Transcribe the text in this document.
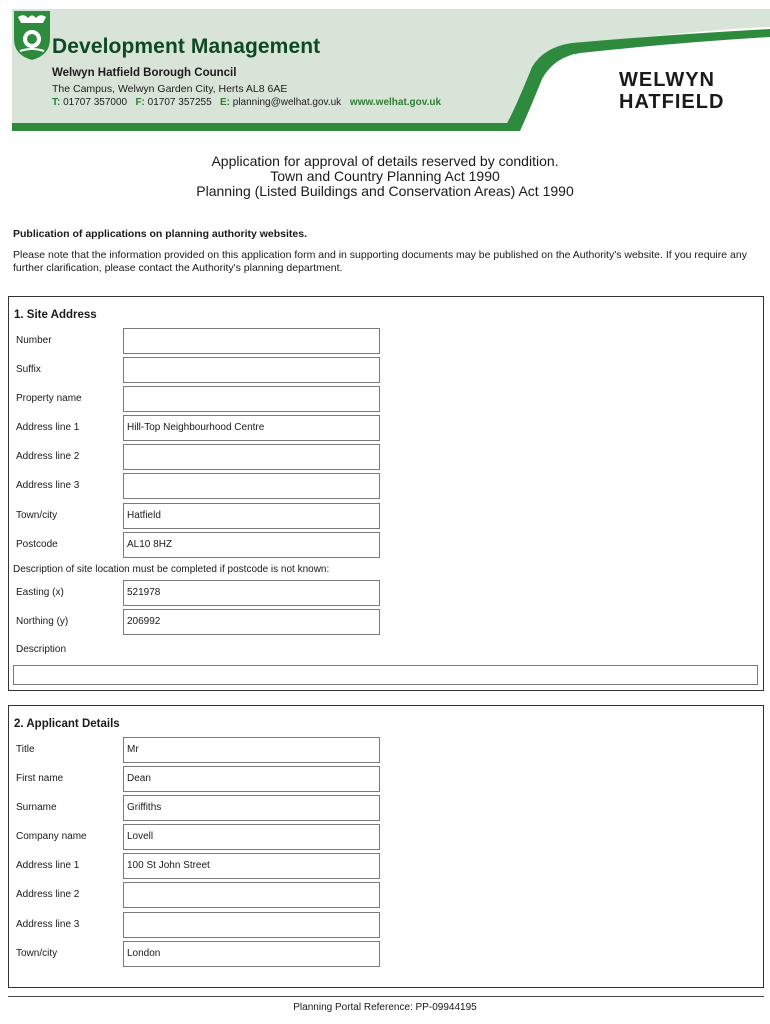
Development Management
Welwyn Hatfield Borough Council
The Campus, Welwyn Garden City, Herts AL8 6AE
T: 01707 357000 F: 01707 357255 E: planning@welhat.gov.uk www.welhat.gov.uk
WELWYN
HATFIELD
Application for approval of details reserved by condition.
Town and Country Planning Act 1990
Planning (Listed Buildings and Conservation Areas) Act 1990
Publication of applications on planning authority websites.
Please note that the information provided on this application form and in supporting documents may be published on the Authority's website. If you require any further clarification, please contact the Authority's planning department.
1. Site Address
Number
Suffix
Property name
Address line 1	Hill-Top Neighbourhood Centre
Address line 2
Address line 3
Town/city	Hatfield
Postcode	AL10 8HZ
Description of site location must be completed if postcode is not known:
Easting (x)	521978
Northing (y)	206992
Description
2. Applicant Details
Title	Mr
First name	Dean
Surname	Griffiths
Company name	Lovell
Address line 1	100 St John Street
Address line 2
Address line 3
Town/city	London
Planning Portal Reference: PP-09944195
